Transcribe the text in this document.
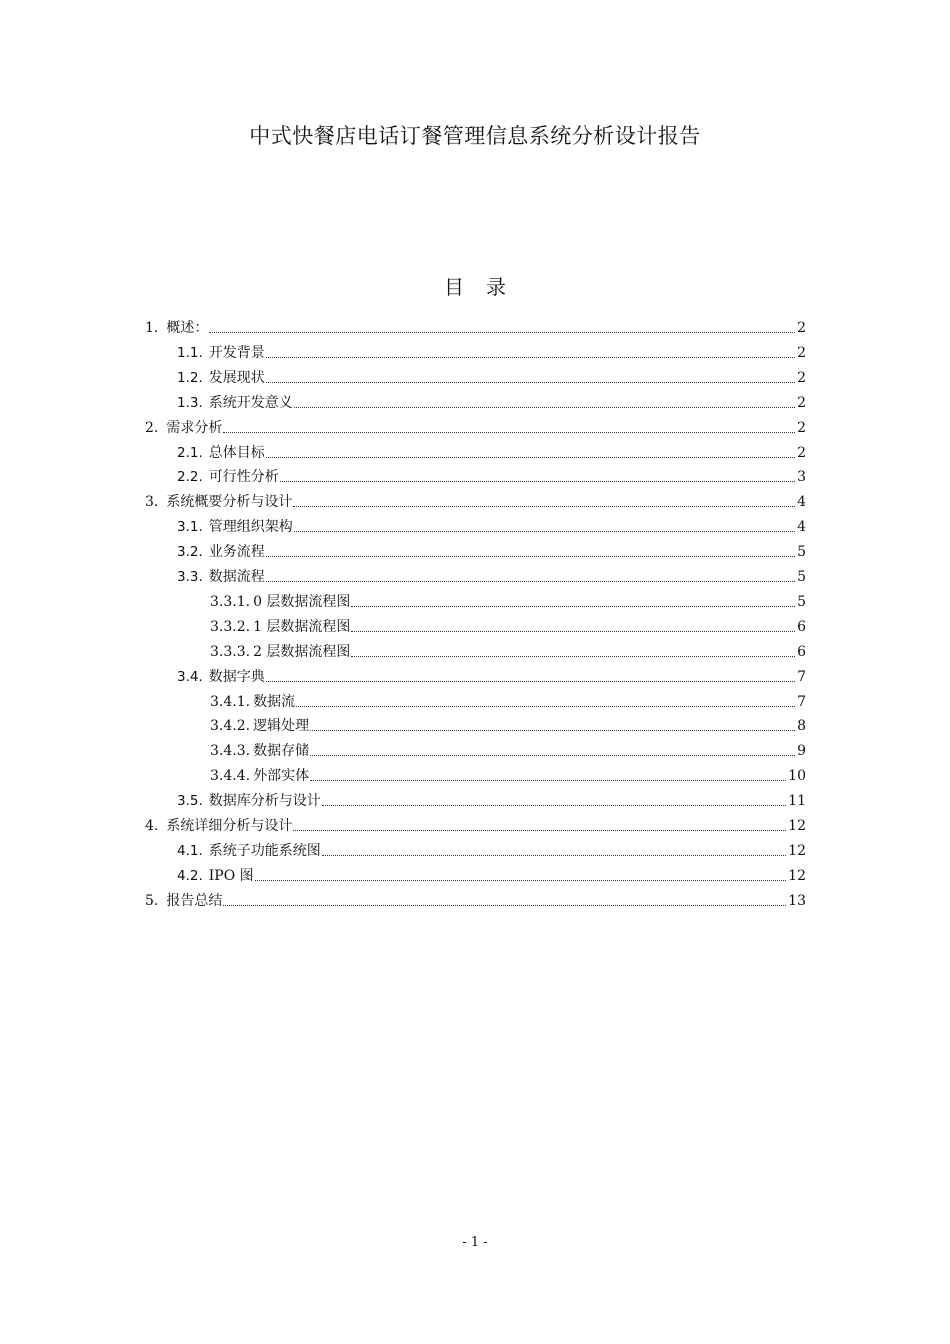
中式快餐店电话订餐管理信息系统分析设计报告
目录
1. 概述：	2
1.1. 开发背景	2
1.2. 发展现状	2
1.3. 系统开发意义	2
2. 需求分析	2
2.1. 总体目标	2
2.2. 可行性分析	3
3. 系统概要分析与设计	4
3.1. 管理组织架构	4
3.2. 业务流程	5
3.3. 数据流程	5
3.3.1. 0 层数据流程图	5
3.3.2. 1 层数据流程图	6
3.3.3. 2 层数据流程图	6
3.4. 数据字典	7
3.4.1. 数据流	7
3.4.2. 逻辑处理	8
3.4.3. 数据存储	9
3.4.4. 外部实体	10
3.5. 数据库分析与设计	11
4. 系统详细分析与设计	12
4.1. 系统子功能系统图	12
4.2. IPO 图	12
5. 报告总结	13
- 1 -
